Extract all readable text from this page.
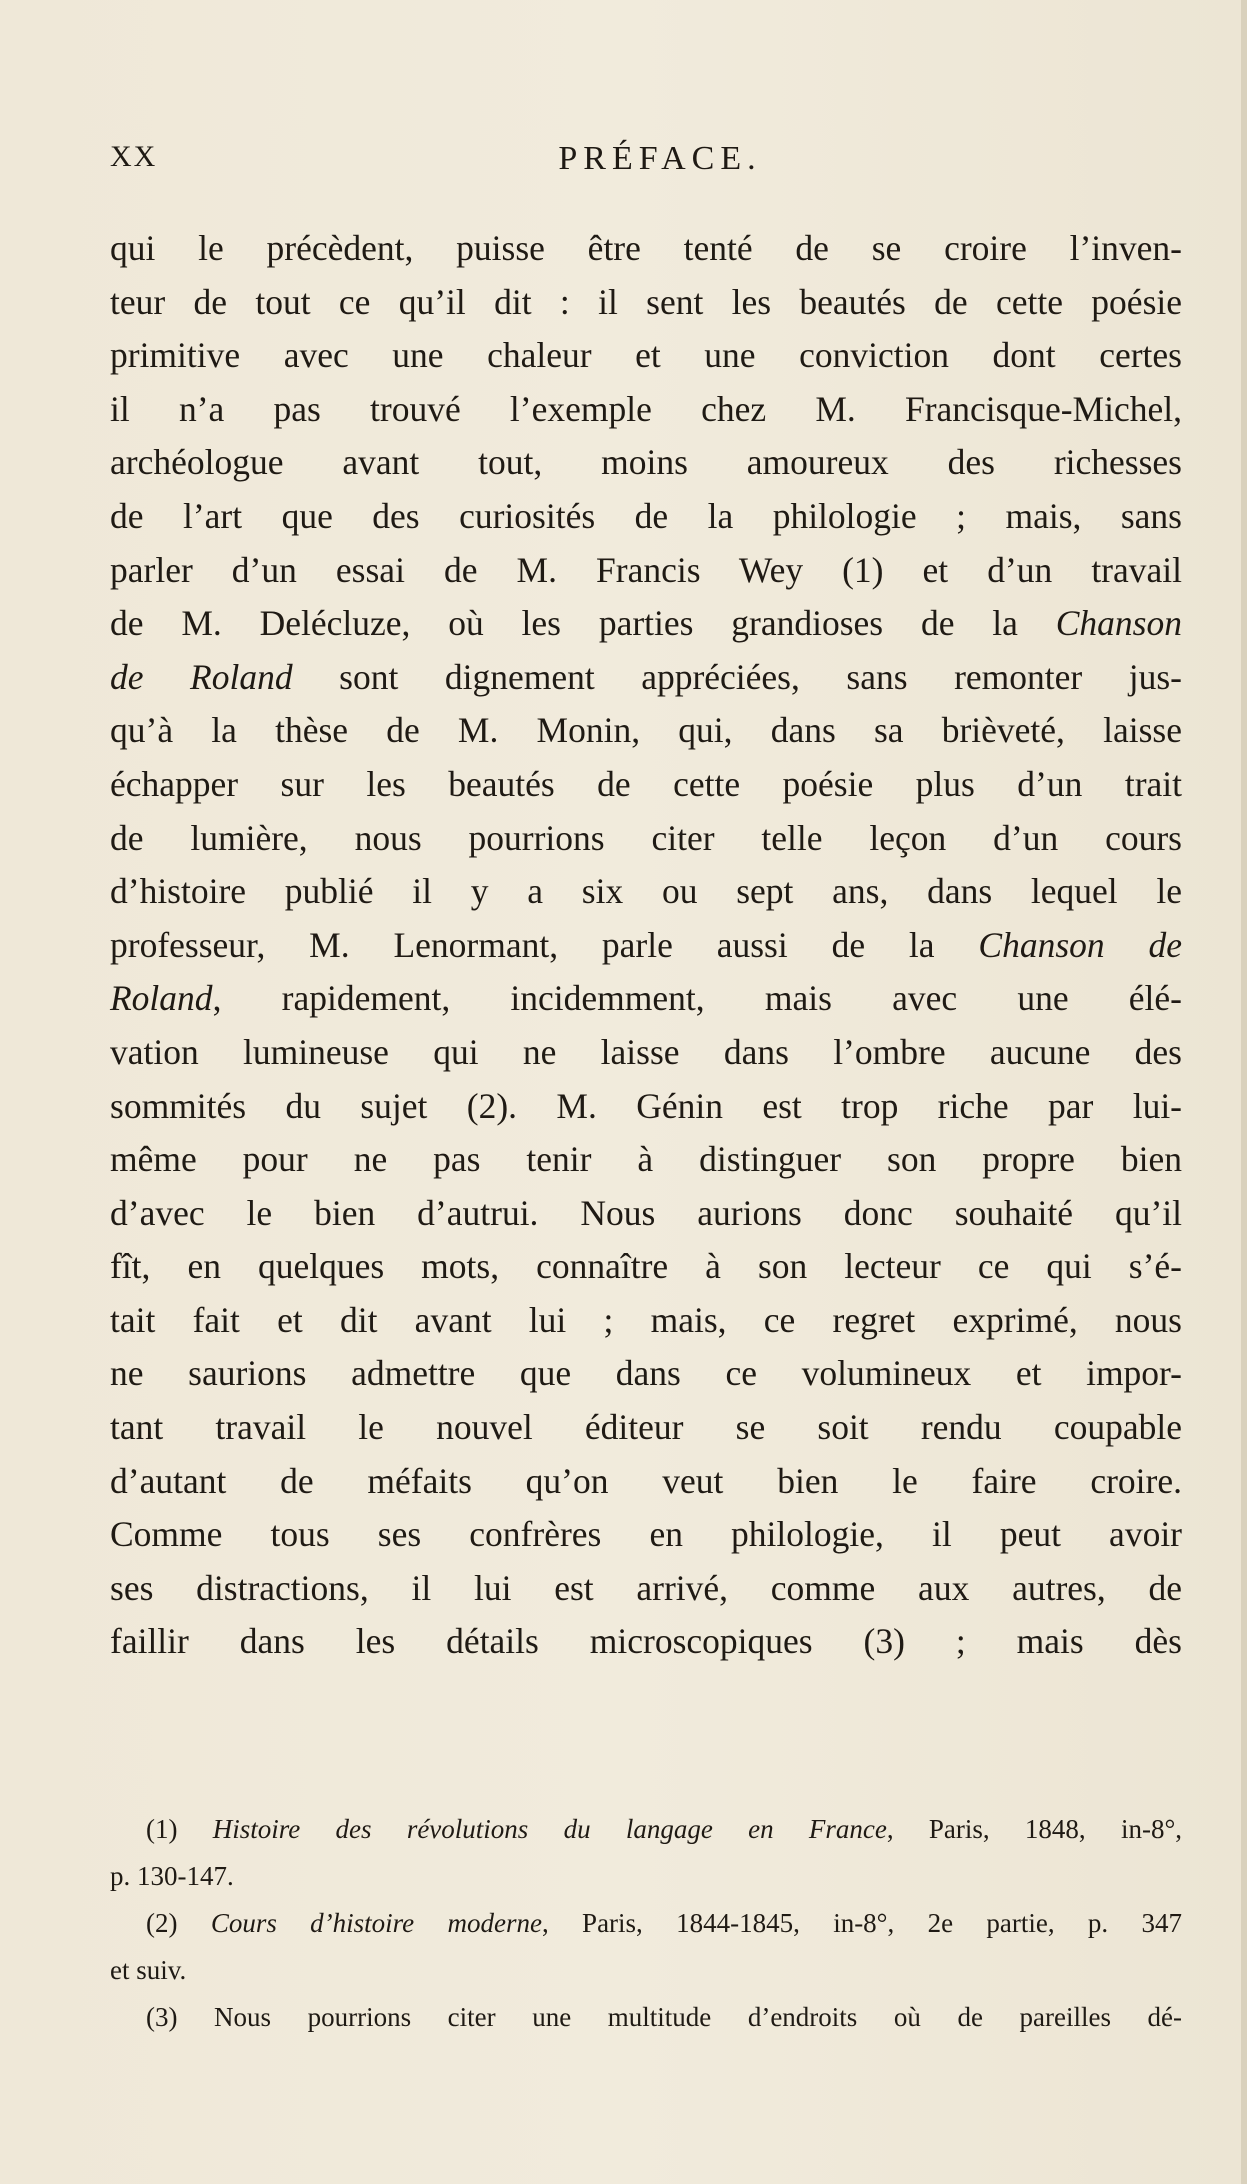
XX	PRÉFACE.
qui le précèdent, puisse être tenté de se croire l’inven-
teur de tout ce qu’il dit : il sent les beautés de cette poésie
primitive avec une chaleur et une conviction dont certes
il n’a pas trouvé l’exemple chez M. Francisque-Michel,
archéologue avant tout, moins amoureux des richesses
de l’art que des curiosités de la philologie ; mais, sans
parler d’un essai de M. Francis Wey (1) et d’un travail
de M. Delécluze, où les parties grandioses de la Chanson
de Roland sont dignement appréciées, sans remonter jus-
qu’à la thèse de M. Monin, qui, dans sa brièveté, laisse
échapper sur les beautés de cette poésie plus d’un trait
de lumière, nous pourrions citer telle leçon d’un cours
d’histoire publié il y a six ou sept ans, dans lequel le
professeur, M. Lenormant, parle aussi de la Chanson de
Roland, rapidement, incidemment, mais avec une élé-
vation lumineuse qui ne laisse dans l’ombre aucune des
sommités du sujet (2). M. Génin est trop riche par lui-
même pour ne pas tenir à distinguer son propre bien
d’avec le bien d’autrui. Nous aurions donc souhaité qu’il
fît, en quelques mots, connaître à son lecteur ce qui s’é-
tait fait et dit avant lui ; mais, ce regret exprimé, nous
ne saurions admettre que dans ce volumineux et impor-
tant travail le nouvel éditeur se soit rendu coupable
d’autant de méfaits qu’on veut bien le faire croire.
Comme tous ses confrères en philologie, il peut avoir
ses distractions, il lui est arrivé, comme aux autres, de
faillir dans les détails microscopiques (3) ; mais dès
(1) Histoire des révolutions du langage en France, Paris, 1848, in-8°,
p. 130-147.
(2) Cours d’histoire moderne, Paris, 1844-1845, in-8°, 2e partie, p. 347
et suiv.
(3) Nous pourrions citer une multitude d’endroits où de pareilles dé-
